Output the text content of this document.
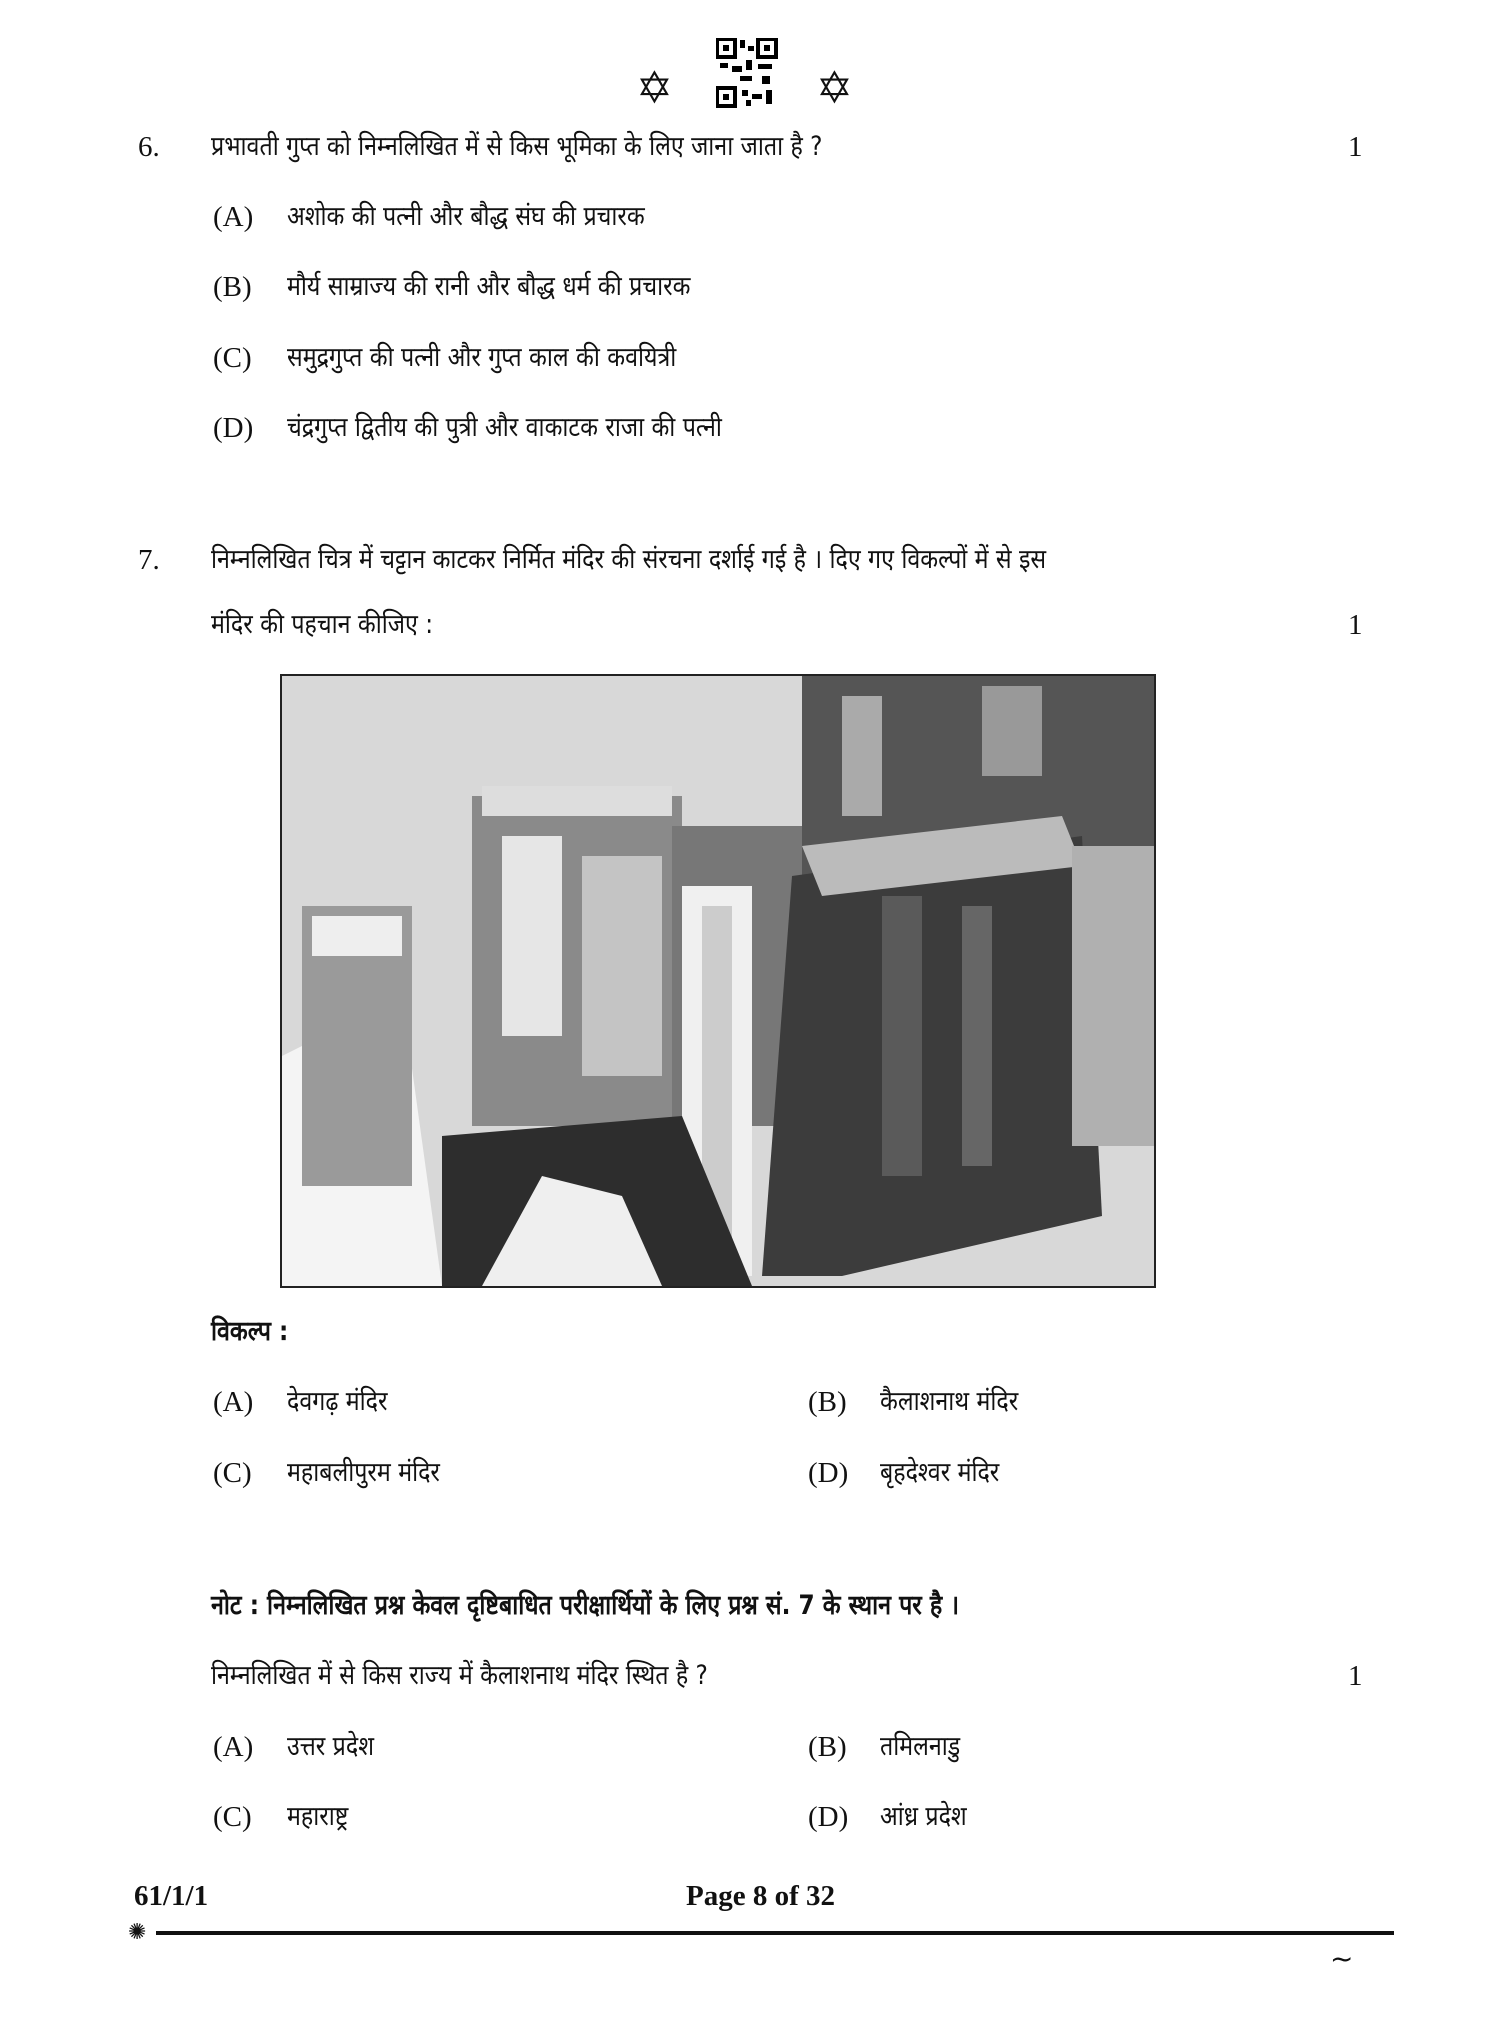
✡	✡
6. प्रभावती गुप्त को निम्नलिखित में से किस भूमिका के लिए जाना जाता है ?	1
(A) अशोक की पत्नी और बौद्ध संघ की प्रचारक
(B) मौर्य साम्राज्य की रानी और बौद्ध धर्म की प्रचारक
(C) समुद्रगुप्त की पत्नी और गुप्त काल की कवयित्री
(D) चंद्रगुप्त द्वितीय की पुत्री और वाकाटक राजा की पत्नी
7. निम्नलिखित चित्र में चट्टान काटकर निर्मित मंदिर की संरचना दर्शाई गई है । दिए गए विकल्पों में से इस
मंदिर की पहचान कीजिए :	1
विकल्प :
(A) देवगढ़ मंदिर	(B) कैलाशनाथ मंदिर
(C) महाबलीपुरम मंदिर	(D) बृहदेश्वर मंदिर
नोट : निम्नलिखित प्रश्न केवल दृष्टिबाधित परीक्षार्थियों के लिए प्रश्न सं. 7 के स्थान पर है ।
निम्नलिखित में से किस राज्य में कैलाशनाथ मंदिर स्थित है ?	1
(A) उत्तर प्रदेश	(B) तमिलनाडु
(C) महाराष्ट्र	(D) आंध्र प्रदेश
61/1/1	Page 8 of 32
✺
~
